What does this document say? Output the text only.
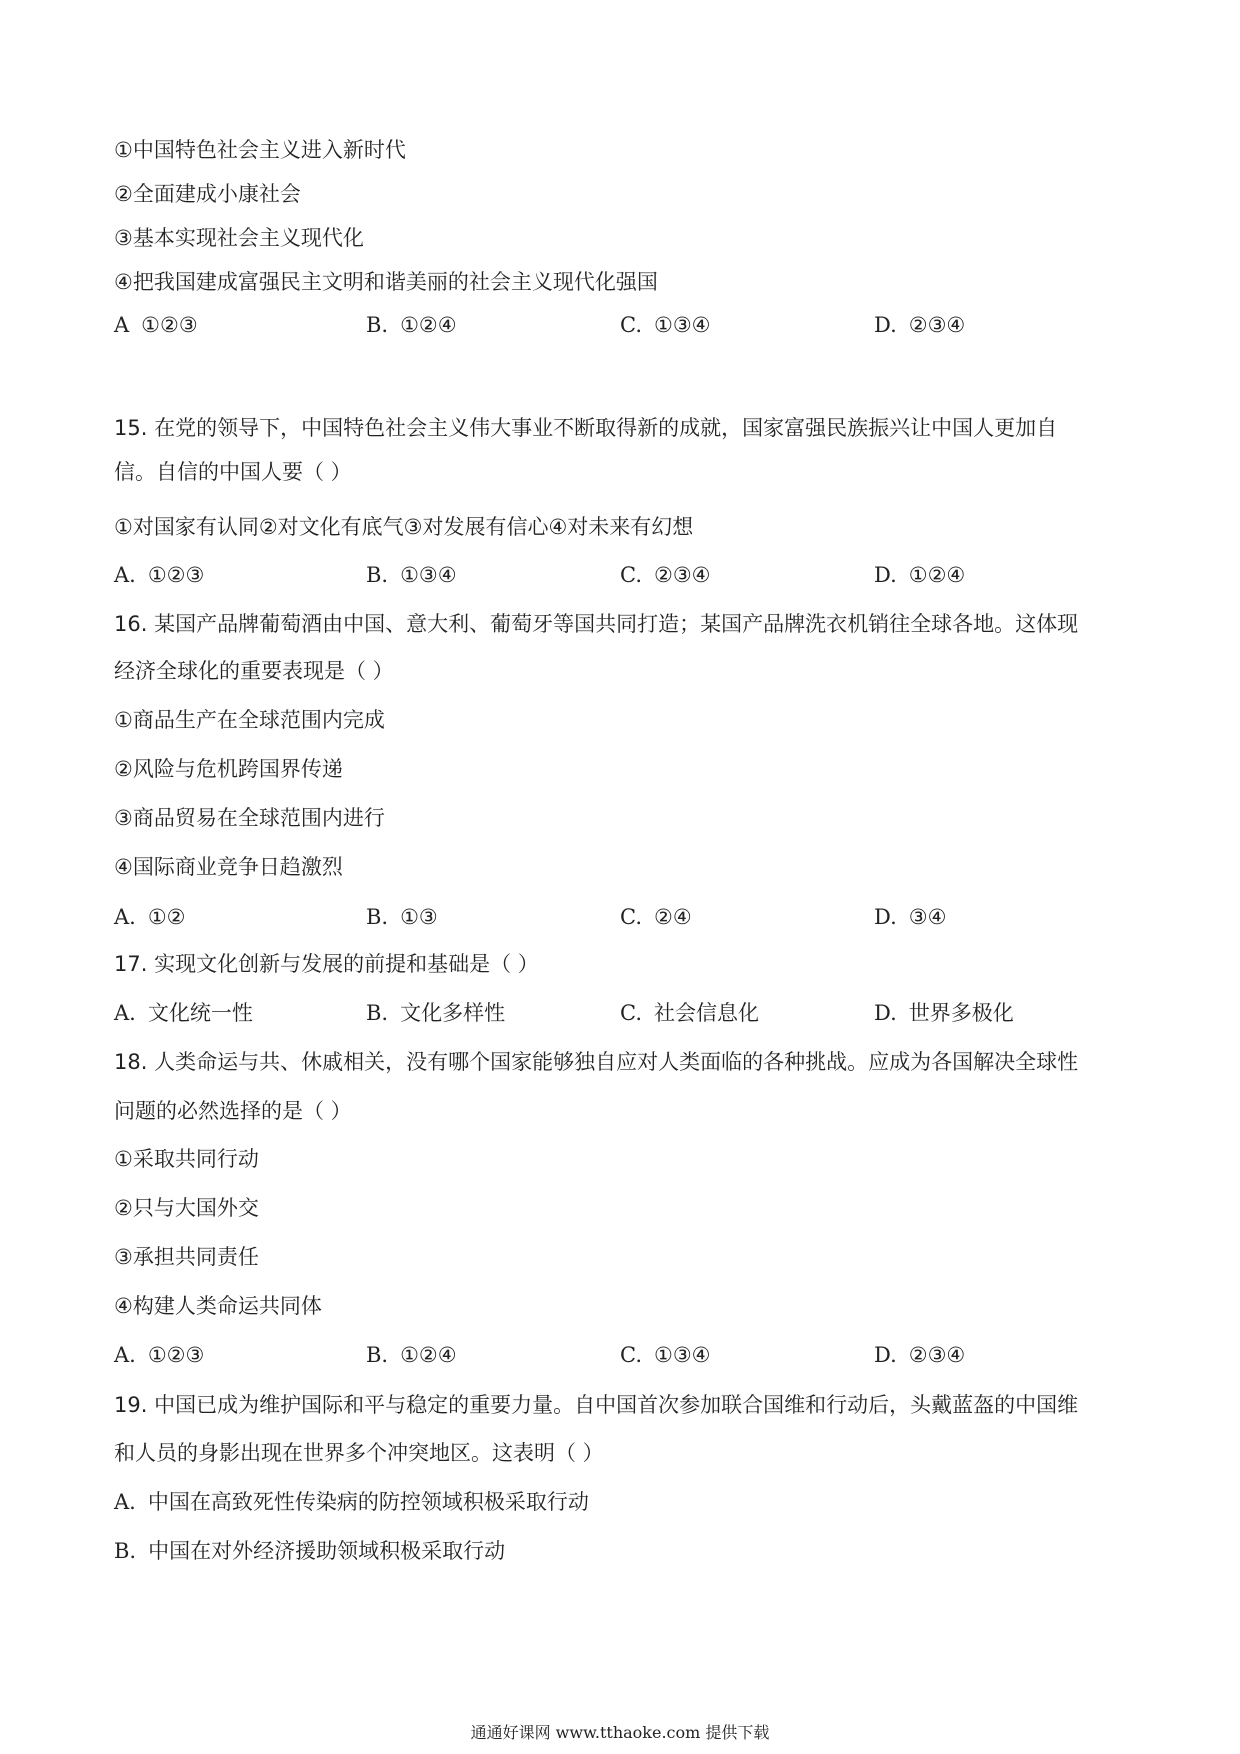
①中国特色社会主义进入新时代
②全面建成小康社会
③基本实现社会主义现代化
④把我国建成富强民主文明和谐美丽的社会主义现代化强国
A ①②③	B. ①②④	C. ①③④	D. ②③④
15. 在党的领导下，中国特色社会主义伟大事业不断取得新的成就，国家富强民族振兴让中国人更加自
信。自信的中国人要（ ）
①对国家有认同②对文化有底气③对发展有信心④对未来有幻想
A. ①②③	B. ①③④	C. ②③④	D. ①②④
16. 某国产品牌葡萄酒由中国、意大利、葡萄牙等国共同打造；某国产品牌洗衣机销往全球各地。这体现
经济全球化的重要表现是（ ）
①商品生产在全球范围内完成
②风险与危机跨国界传递
③商品贸易在全球范围内进行
④国际商业竞争日趋激烈
A. ①②	B. ①③	C. ②④	D. ③④
17. 实现文化创新与发展的前提和基础是（ ）
A. 文化统一性	B. 文化多样性	C. 社会信息化	D. 世界多极化
18. 人类命运与共、休戚相关，没有哪个国家能够独自应对人类面临的各种挑战。应成为各国解决全球性
问题的必然选择的是（ ）
①采取共同行动
②只与大国外交
③承担共同责任
④构建人类命运共同体
A. ①②③	B. ①②④	C. ①③④	D. ②③④
19. 中国已成为维护国际和平与稳定的重要力量。自中国首次参加联合国维和行动后，头戴蓝盔的中国维
和人员的身影出现在世界多个冲突地区。这表明（ ）
A. 中国在高致死性传染病的防控领域积极采取行动
B. 中国在对外经济援助领域积极采取行动
通通好课网 www.tthaoke.com 提供下载
